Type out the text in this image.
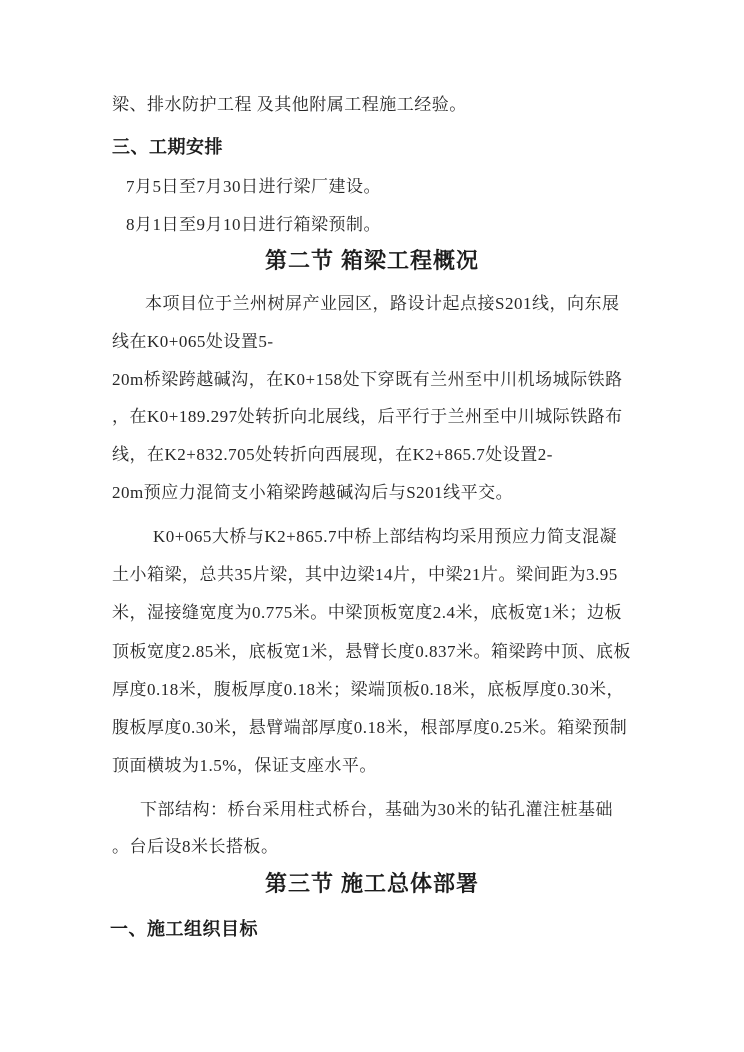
梁、排水防护工程 及其他附属工程施工经验。
三、工期安排
7月5日至7月30日进行梁厂建设。
8月1日至9月10日进行箱梁预制。
第二节 箱梁工程概况
本项目位于兰州树屏产业园区，路设计起点接S201线，向东展
线在K0+065处设置5-
20m桥梁跨越碱沟，在K0+158处下穿既有兰州至中川机场城际铁路
，在K0+189.297处转折向北展线，后平行于兰州至中川城际铁路布
线，在K2+832.705处转折向西展现，在K2+865.7处设置2-
20m预应力混简支小箱梁跨越碱沟后与S201线平交。
K0+065大桥与K2+865.7中桥上部结构均采用预应力简支混凝
土小箱梁，总共35片梁，其中边梁14片，中梁21片。梁间距为3.95
米，湿接缝宽度为0.775米。中梁顶板宽度2.4米，底板宽1米；边板
顶板宽度2.85米，底板宽1米，悬臂长度0.837米。箱梁跨中顶、底板
厚度0.18米，腹板厚度0.18米；梁端顶板0.18米，底板厚度0.30米，
腹板厚度0.30米，悬臂端部厚度0.18米，根部厚度0.25米。箱梁预制
顶面横坡为1.5%，保证支座水平。
下部结构：桥台采用柱式桥台，基础为30米的钻孔灌注桩基础
。台后设8米长搭板。
第三节 施工总体部署
一、施工组织目标
